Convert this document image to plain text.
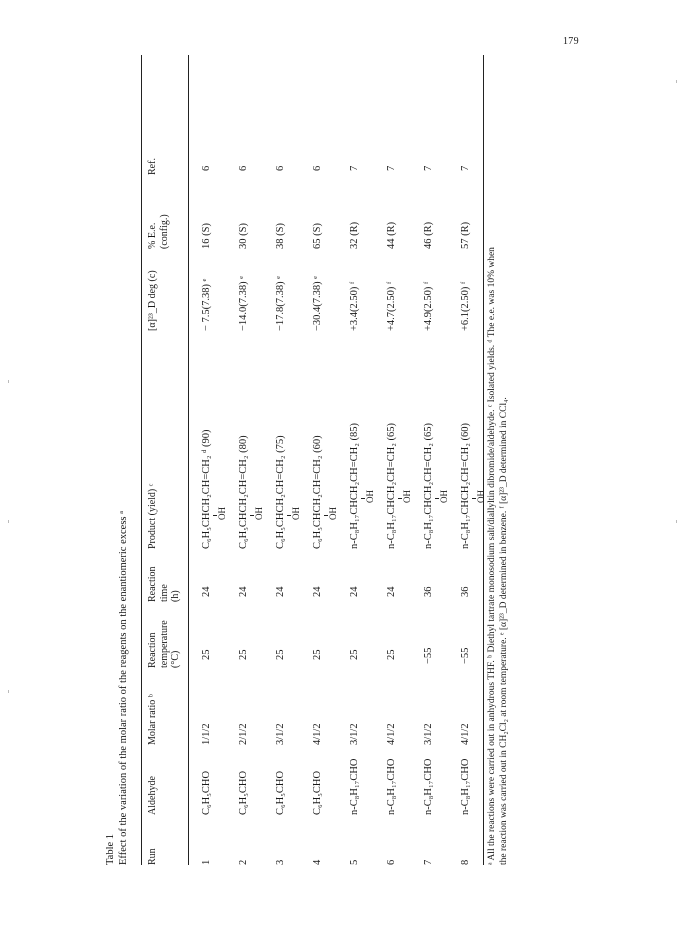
179
Table 1 Effect of the variation of the molar ratio of the reagents on the enantiomeric excess ᵃ Run
Aldehyde
Molar ratio ᵇ
Reaction temperature (°C)
Reaction time (h)
Product (yield) ᶜ
[α]²³_D deg (c)
% E.e. (config.)
Ref.
1
C₆H₅CHO
1/1/2
25
24
C₆H₅CHCH₂CH=CH₂ ᵈ (90) OH
− 7.5(7.38) ᵉ
16 (S)
6
2
C₆H₅CHO
2/1/2
25
24
C₆H₅CHCH₂CH=CH₂ (80) OH
−14.0(7.38) ᵉ
30 (S)
6
3
C₆H₅CHO
3/1/2
25
24
C₆H₅CHCH₂CH=CH₂ (75) OH
−17.8(7.38) ᵉ
38 (S)
6
4
C₆H₅CHO
4/1/2
25
24
C₆H₅CHCH₂CH=CH₂ (60) OH
−30.4(7.38) ᵉ
65 (S)
6
5
n-C₈H₁₇CHO
3/1/2
25
24
n-C₈H₁₇CHCH₂CH=CH₂ (85) OH
+3.4(2.50) ᶠ
32 (R)
7
6
n-C₈H₁₇CHO
4/1/2
25
24
n-C₈H₁₇CHCH₂CH=CH₂ (65) OH
+4.7(2.50) ᶠ
44 (R)
7
7
n-C₈H₁₇CHO
3/1/2
−55
36
n-C₈H₁₇CHCH₂CH=CH₂ (65) OH
+4.9(2.50) ᶠ
46 (R)
7
8
n-C₈H₁₇CHO
4/1/2
−55
36
n-C₈H₁₇CHCH₂CH=CH₂ (60) OH
+6.1(2.50) ᶠ
57 (R)
7
ᵃ All the reactions were carried out in anhydrous THF. ᵇ Diethyl tartrate monosodium salt/diallyltin dibromide/aldehyde. ᶜ Isolated yields. ᵈ The e.e. was 10% when the reaction was carried out in CH₂Cl₂ at room temperature. ᵉ [α]²³_D determined in benzene. ᶠ [α]²³_D determined in CCl₄.
